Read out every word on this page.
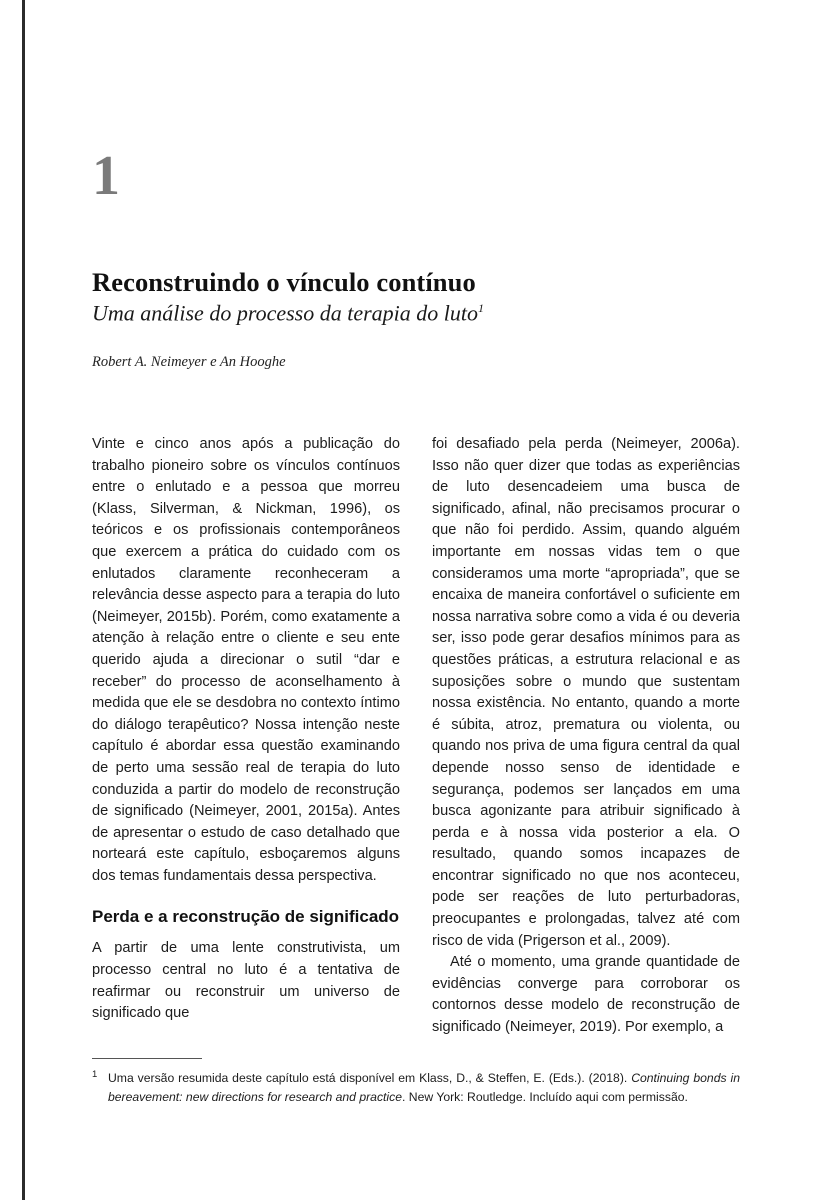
1
Reconstruindo o vínculo contínuo
Uma análise do processo da terapia do luto$^1$
Robert A. Neimeyer e An Hooghe

Vinte e cinco anos após a publicação do trabalho pioneiro sobre os vínculos contínuos entre o enlutado e a pessoa que morreu (Klass, Silverman, & Nickman, 1996), os teóricos e os profissionais contemporâneos que exercem a prática do cuidado com os enlutados claramente reconheceram a relevância desse aspecto para a terapia do luto (Neimeyer, 2015b). Porém, como exatamente a atenção à relação entre o cliente e seu ente querido ajuda a direcionar o sutil “dar e receber” do processo de aconselhamento à medida que ele se desdobra no contexto íntimo do diálogo terapêutico? Nossa intenção neste capítulo é abordar essa questão examinando de perto uma sessão real de terapia do luto conduzida a partir do modelo de reconstrução de significado (Neimeyer, 2001, 2015a). Antes de apresentar o estudo de caso detalhado que norteará este capítulo, esboçaremos alguns dos temas fundamentais dessa perspectiva.

Perda e a reconstrução de significado

A partir de uma lente construtivista, um processo central no luto é a tentativa de reafirmar ou reconstruir um universo de significado que

foi desafiado pela perda (Neimeyer, 2006a). Isso não quer dizer que todas as experiências de luto desencadeiem uma busca de significado, afinal, não precisamos procurar o que não foi perdido. Assim, quando alguém importante em nossas vidas tem o que consideramos uma morte “apropriada”, que se encaixa de maneira confortável o suficiente em nossa narrativa sobre como a vida é ou deveria ser, isso pode gerar desafios mínimos para as questões práticas, a estrutura relacional e as suposições sobre o mundo que sustentam nossa existência. No entanto, quando a morte é súbita, atroz, prematura ou violenta, ou quando nos priva de uma figura central da qual depende nosso senso de identidade e segurança, podemos ser lançados em uma busca agonizante para atribuir significado à perda e à nossa vida posterior a ela. O resultado, quando somos incapazes de encontrar significado no que nos aconteceu, pode ser reações de luto perturbadoras, preocupantes e prolongadas, talvez até com risco de vida (Prigerson et al., 2009).

Até o momento, uma grande quantidade de evidências converge para corroborar os contornos desse modelo de reconstrução de significado (Neimeyer, 2019). Por exemplo, a

1 Uma versão resumida deste capítulo está disponível em Klass, D., & Steffen, E. (Eds.). (2018). Continuing bonds in bereavement: new directions for research and practice. New York: Routledge. Incluído aqui com permissão.
